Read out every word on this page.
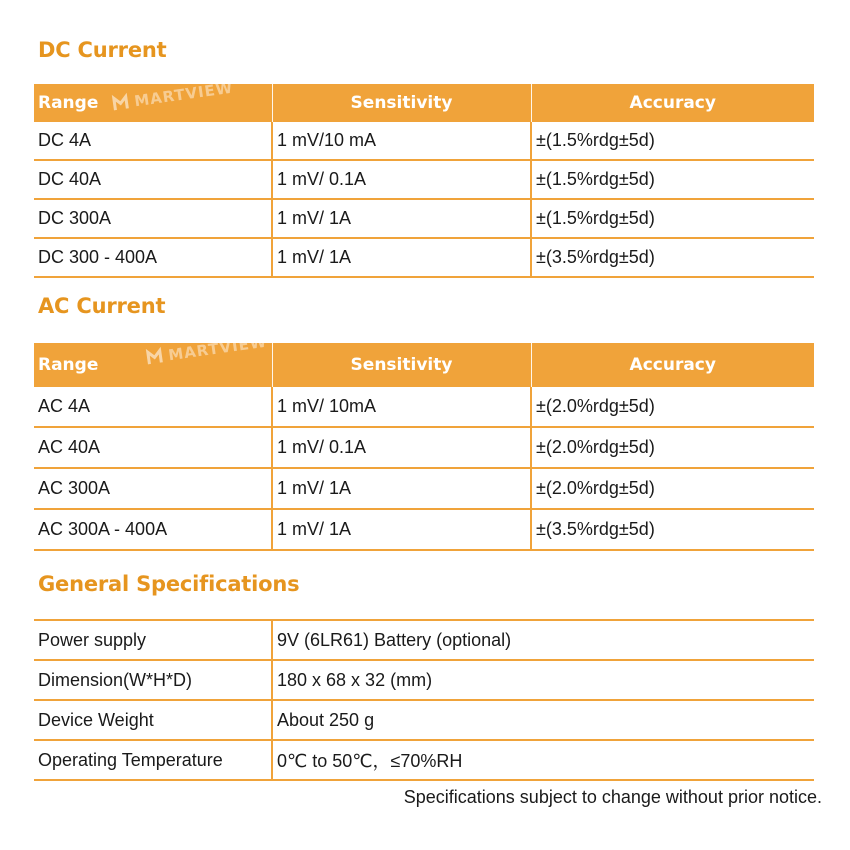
DC Current
Range	Sensitivity	Accuracy
DC 4A	1 mV/10 mA	±(1.5%rdg±5d)
DC 40A	1 mV/ 0.1A	±(1.5%rdg±5d)
DC 300A	1 mV/ 1A	±(1.5%rdg±5d)
DC 300 - 400A	1 mV/ 1A	±(3.5%rdg±5d)
AC Current
Range	Sensitivity	Accuracy
AC 4A	1 mV/ 10mA	±(2.0%rdg±5d)
AC 40A	1 mV/ 0.1A	±(2.0%rdg±5d)
AC 300A	1 mV/ 1A	±(2.0%rdg±5d)
AC 300A - 400A	1 mV/ 1A	±(3.5%rdg±5d)
General Specifications
Power supply	9V (6LR61) Battery (optional)
Dimension(W*H*D)	180 x 68 x 32 (mm)
Device Weight	About 250 g
Operating Temperature	0℃ to 50℃，≤70%RH

Specifications subject to change without prior notice.

MARTVIEW
MARTVIEW
